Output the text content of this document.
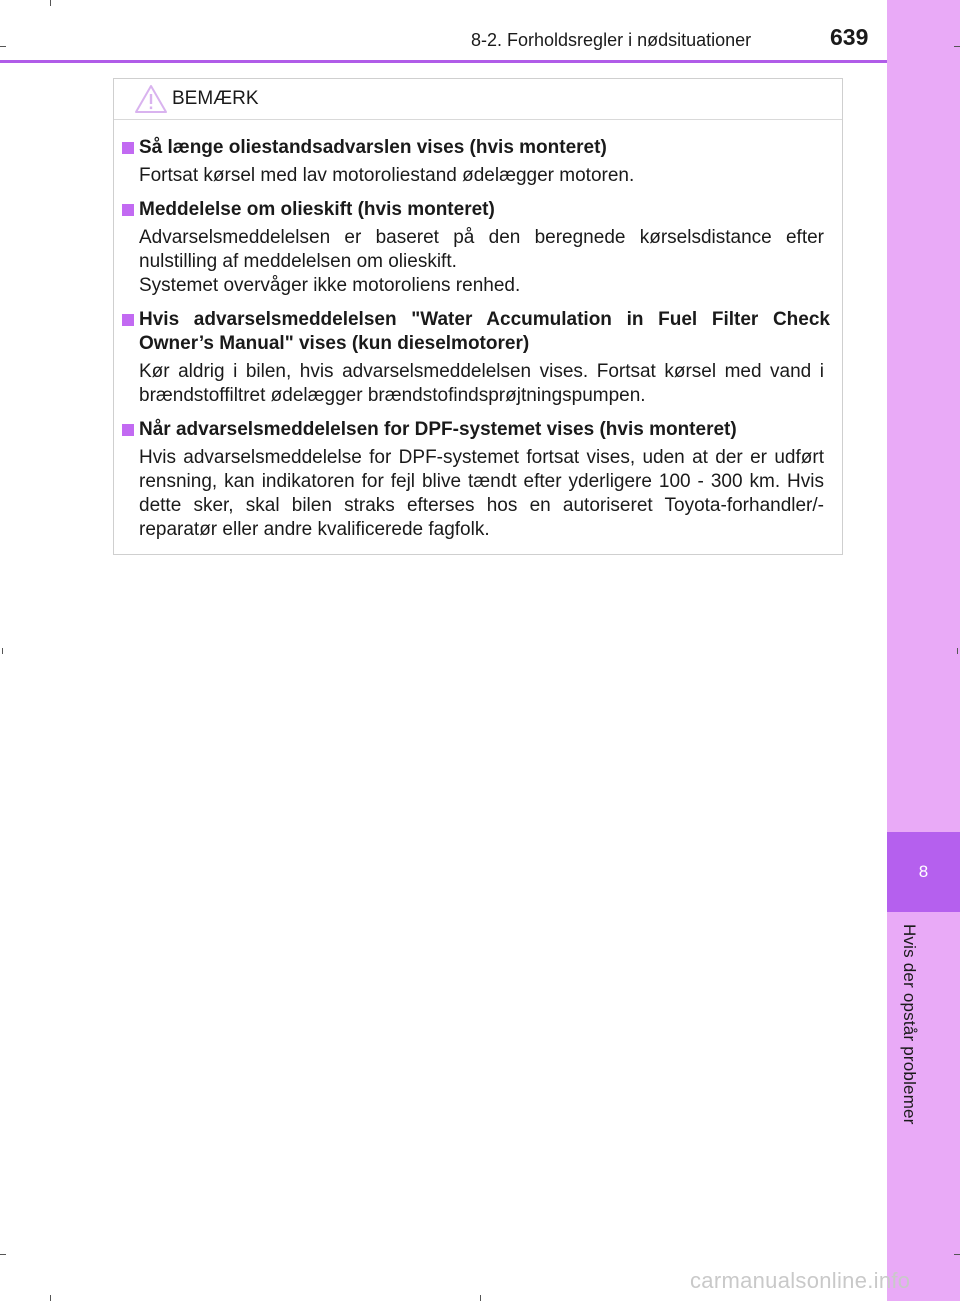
8-2. Forholdsregler i nødsituationer	639
8
Hvis der opstår problemer
BEMÆRK
Så længe oliestandsadvarslen vises (hvis monteret)
Fortsat kørsel med lav motoroliestand ødelægger motoren.
Meddelelse om olieskift (hvis monteret)
Advarselsmeddelelsen er baseret på den beregnede kørselsdistance efter nulstilling af meddelelsen om olieskift.
Systemet overvåger ikke motoroliens renhed.
Hvis advarselsmeddelelsen "Water Accumulation in Fuel Filter Check Owner’s Manual" vises (kun dieselmotorer)
Kør aldrig i bilen, hvis advarselsmeddelelsen vises. Fortsat kørsel med vand i brændstoffiltret ødelægger brændstofindsprøjtningspumpen.
Når advarselsmeddelelsen for DPF-systemet vises (hvis monteret)
Hvis advarselsmeddelelse for DPF-systemet fortsat vises, uden at der er udført rensning, kan indikatoren for fejl blive tændt efter yderligere 100 - 300 km. Hvis dette sker, skal bilen straks efterses hos en autoriseret Toyota-forhandler/-reparatør eller andre kvalificerede fagfolk.
carmanualsonline.info
